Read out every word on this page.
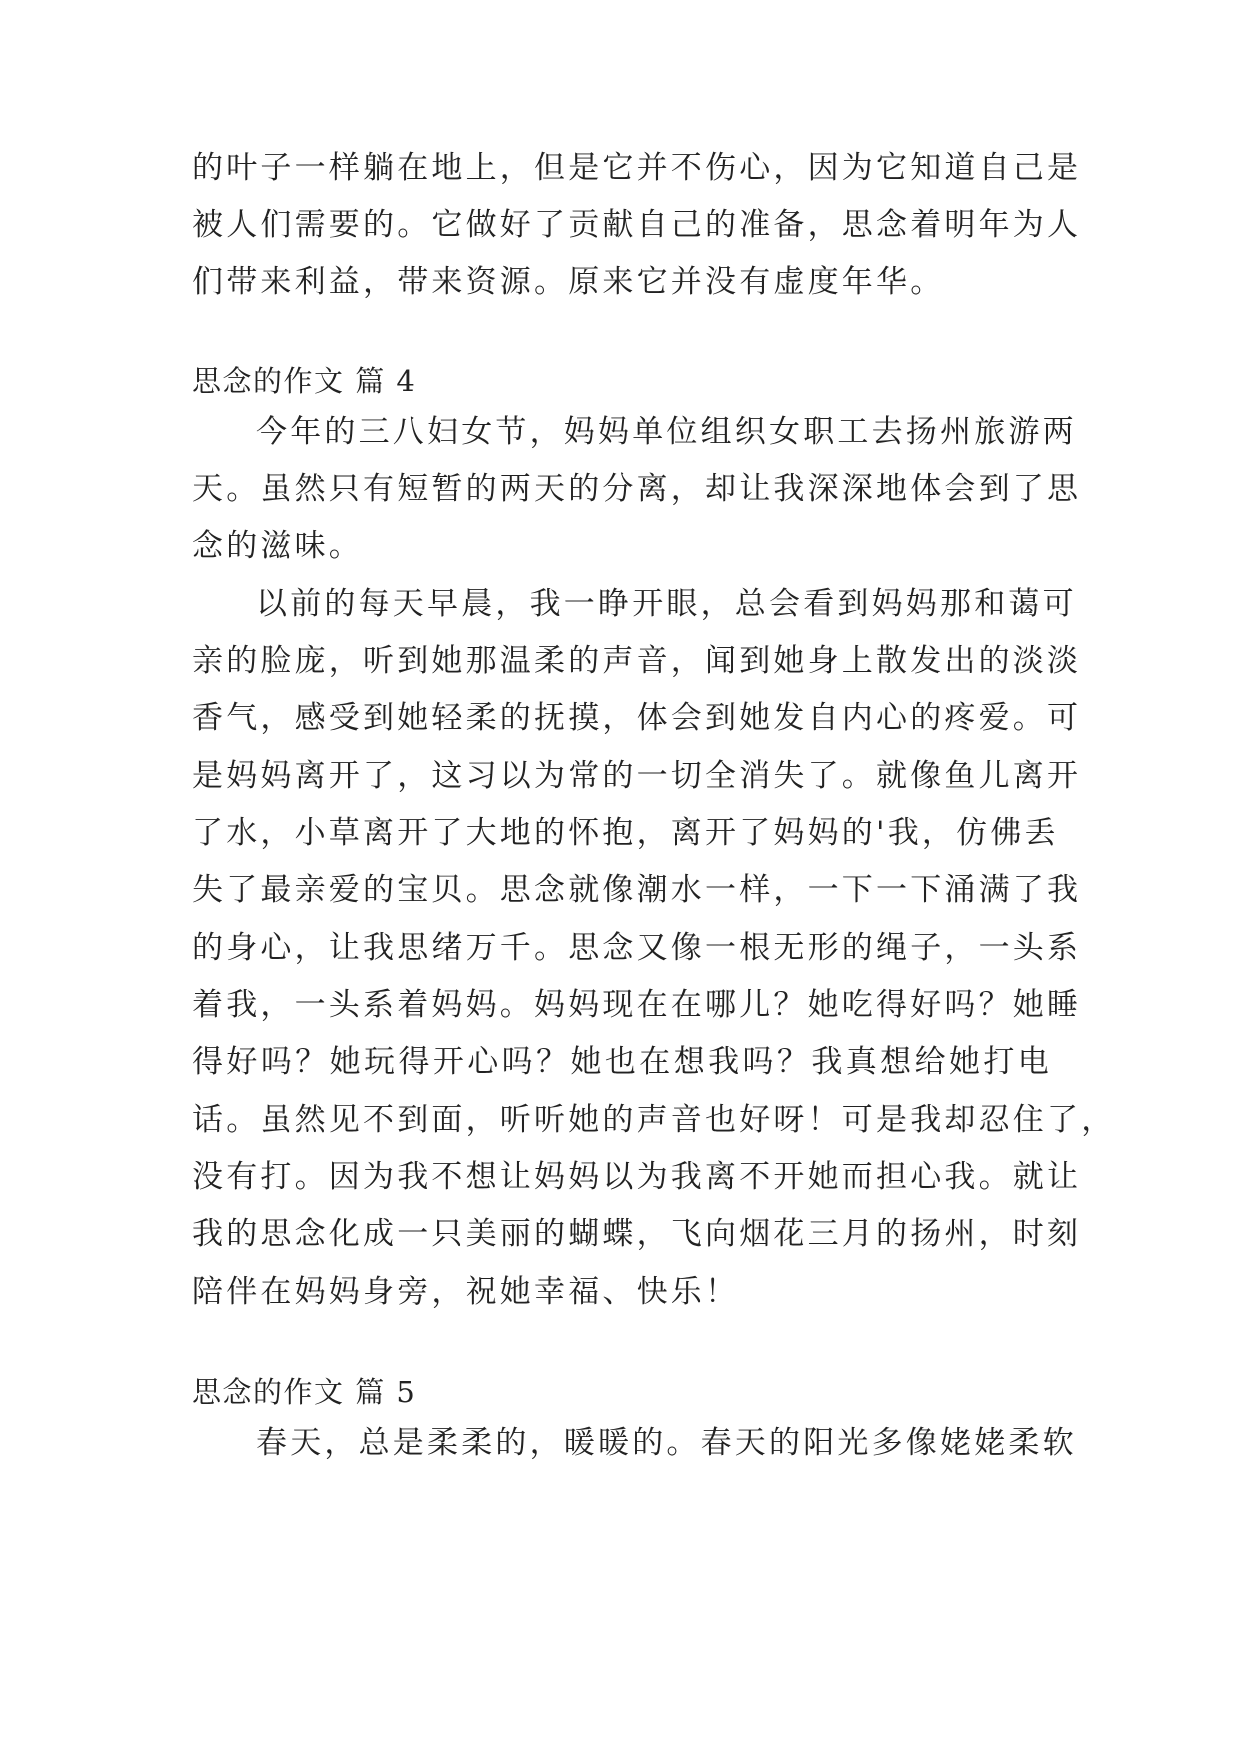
的叶子一样躺在地上，但是它并不伤心，因为它知道自己是
被人们需要的。它做好了贡献自己的准备，思念着明年为人
们带来利益，带来资源。原来它并没有虚度年华。
思念的作文 篇 4
今年的三八妇女节，妈妈单位组织女职工去扬州旅游两
天。虽然只有短暂的两天的分离，却让我深深地体会到了思
念的滋味。
以前的每天早晨，我一睁开眼，总会看到妈妈那和蔼可
亲的脸庞，听到她那温柔的声音，闻到她身上散发出的淡淡
香气，感受到她轻柔的抚摸，体会到她发自内心的疼爱。可
是妈妈离开了，这习以为常的一切全消失了。就像鱼儿离开
了水，小草离开了大地的怀抱，离开了妈妈的'我，仿佛丢
失了最亲爱的宝贝。思念就像潮水一样，一下一下涌满了我
的身心，让我思绪万千。思念又像一根无形的绳子，一头系
着我，一头系着妈妈。妈妈现在在哪儿？她吃得好吗？她睡
得好吗？她玩得开心吗？她也在想我吗？我真想给她打电
话。虽然见不到面，听听她的声音也好呀！可是我却忍住了，
没有打。因为我不想让妈妈以为我离不开她而担心我。就让
我的思念化成一只美丽的蝴蝶，飞向烟花三月的扬州，时刻
陪伴在妈妈身旁，祝她幸福、快乐！
思念的作文 篇 5
春天，总是柔柔的，暖暖的。春天的阳光多像姥姥柔软
